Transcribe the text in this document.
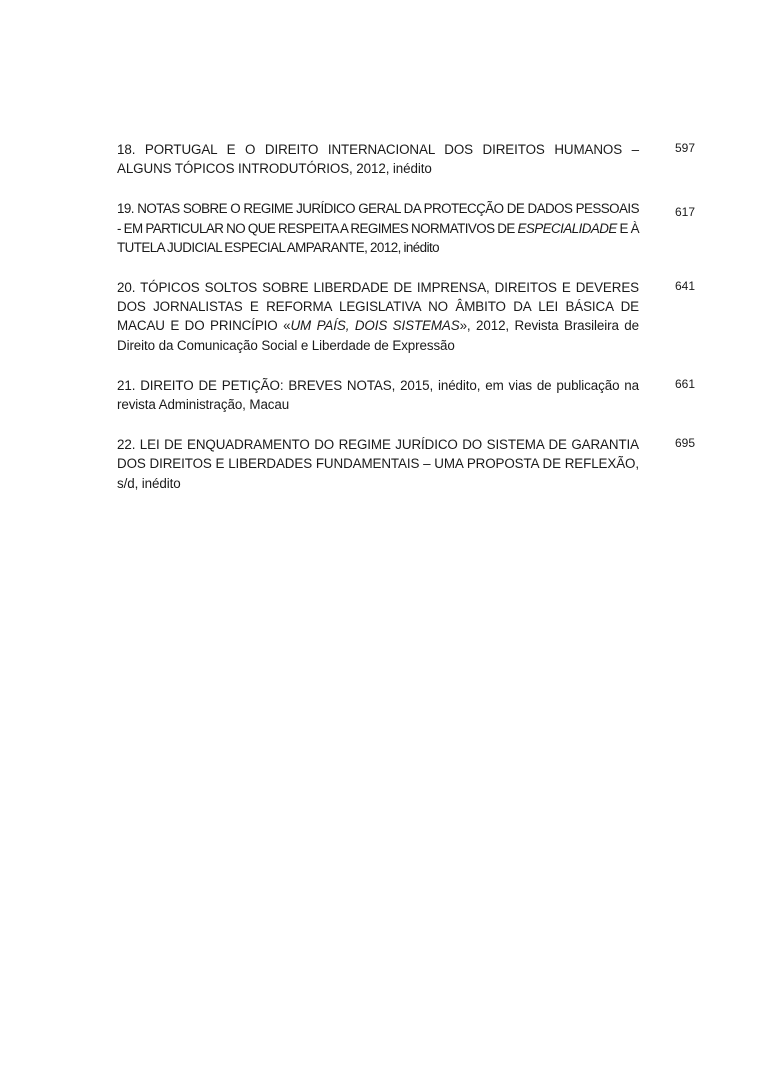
18. PORTUGAL E O DIREITO INTERNACIONAL DOS DIREITOS HUMANOS – ALGUNS TÓPICOS INTRODUTÓRIOS, 2012, inédito
597
19. NOTAS SOBRE O REGIME JURÍDICO GERAL DA PROTECÇÃO DE DADOS PESSOAIS - EM PARTICULAR NO QUE RESPEITA A REGIMES NORMATIVOS DE ESPECIALIDADE E À TUTELA JUDICIAL ESPECIAL AMPARANTE, 2012, inédito
617
20. TÓPICOS SOLTOS SOBRE LIBERDADE DE IMPRENSA, DIREITOS E DEVERES DOS JORNALISTAS E REFORMA LEGISLATIVA NO ÂMBITO DA LEI BÁSICA DE MACAU E DO PRINCÍPIO «UM PAÍS, DOIS SISTEMAS», 2012, Revista Brasileira de Direito da Comunicação Social e Liberdade de Expressão
641
21. DIREITO DE PETIÇÃO: BREVES NOTAS, 2015, inédito, em vias de publicação na revista Administração, Macau
661
22. LEI DE ENQUADRAMENTO DO REGIME JURÍDICO DO SISTEMA DE GARANTIA DOS DIREITOS E LIBERDADES FUNDAMENTAIS – UMA PROPOSTA DE REFLEXÃO, s/d, inédito
695
